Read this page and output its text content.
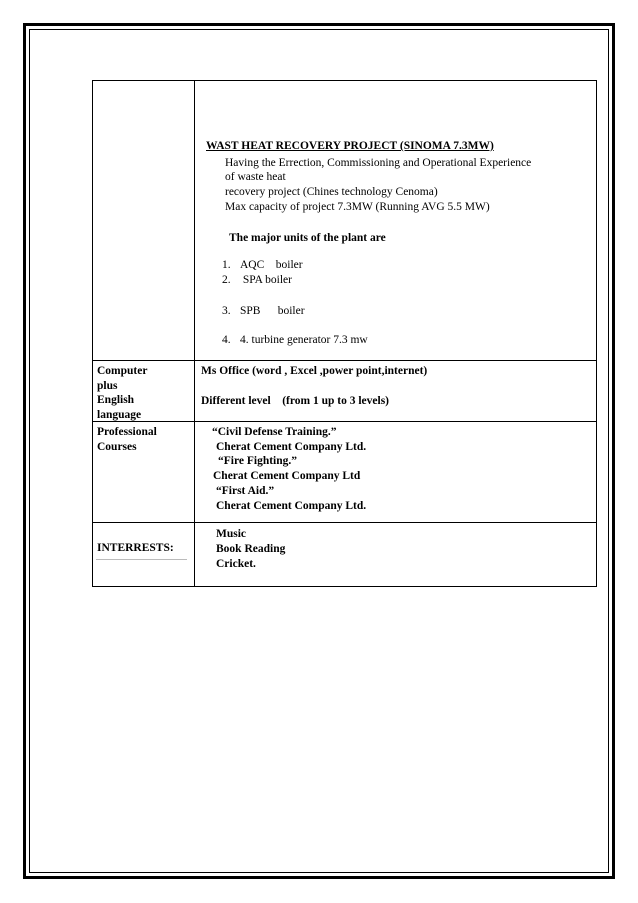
WAST HEAT RECOVERY PROJECT (SINOMA 7.3MW)
Having the Errection, Commissioning and Operational Experience
of waste heat
recovery project (Chines technology Cenoma)
Max capacity of project 7.3MW (Running AVG 5.5 MW)
The major units of the plant are
1. AQC    boiler
2. SPA boiler
3. SPB      boiler
4. 4. turbine generator 7.3 mw
Computer
plus
English
language
Ms Office (word , Excel ,power point,internet)
Different level    (from 1 up to 3 levels)
Professional
Courses
“Civil Defense Training.”
Cherat Cement Company Ltd.
“Fire Fighting.”
Cherat Cement Company Ltd
“First Aid.”
Cherat Cement Company Ltd.
INTERRESTS:
Music
Book Reading
Cricket.
